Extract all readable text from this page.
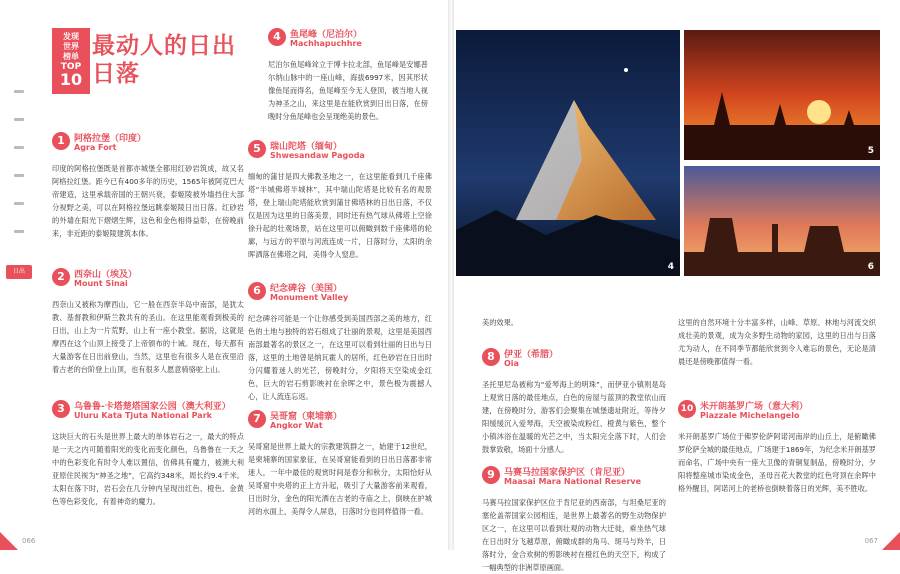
日出
发现
世界
榜单
TOP
10
最动人的日出日落
1	阿格拉堡（印度）
Agra Fort
印度的阿格拉堡既是首都亦城堡全都用红砂岩筑成，故又名阿格拉红堡。距今已有400多年的历史，1565年被阿克巴大帝建造，这里承载帝国的王朝兴衰，泰姬陵被外墙挡住大部分视野之美，可以在阿格拉堡远眺泰姬陵日出日落。红砂岩的外墙在阳光下熠熠生辉，这色和金色相得益彰，在傍晚前来，非近距的泰姬陵建筑本体。
2	西奈山（埃及）
Mount Sinai
西奈山又被称为摩西山，它一般在西奈半岛中南部，是犹太教、基督教和伊斯兰教共有的圣山。在这里能观看到极美的日出，山上为一片荒野，山上有一座小教堂。据说，这就是摩西在这个山顶上接受了上帝颁布的十诫。现在，每天都有大量游客在日出前登山，当然，这里也有很多人是在夜里沿着古老的台阶登上山顶，也有很多人愿意骑骆驼上山。
3	乌鲁鲁-卡塔楚塔国家公园（澳大利亚）
Uluru Kata Tjuta National Park
这块巨大的石头是世界上最大的单体岩石之一，最大的特点是一天之内可随着阳光的变化而变化颜色，乌鲁鲁在一天之中的色彩变化有时令人难以置信，仿佛具有魔力，被澳大利亚原住民视为“神圣之地”，它高约348米，周长约9.4千米。太阳在落下时，岩石会在几分钟内呈现出红色、橙色、金黄色等色彩变化，有着神奇的魔力。
4	鱼尾峰（尼泊尔）
Machhapuchhre
尼泊尔鱼尾峰耸立于博卡拉北部，鱼尾峰是安娜普尔纳山脉中的一座山峰，海拔6997米，因其形状像鱼尾而得名，鱼尾峰至今无人登顶，被当地人视为神圣之山，来这里是在能欣赏到日出日落，在傍晚时分鱼尾峰也会呈现绝美的景色。
5	瑞山陀塔（缅甸）
Shwesandaw Pagoda
缅甸的蒲甘是四大佛教圣地之一，在这里能看到几千座佛塔“半城佛塔半城林”，其中瑞山陀塔是比较有名的观景塔，登上瑞山陀塔能欣赏到蒲甘佛塔林的日出日落，不仅仅是因为这里的日落美景，同时还有热气球从佛塔上空徐徐升起的壮观场景，站在这里可以俯瞰到数千座佛塔的轮廓，与远方的平原与河流连成一片，日落时分，太阳的余晖洒落在佛塔之间，美得令人窒息。
6	纪念碑谷（美国）
Monument Valley
纪念碑谷可能是一个让你感受到美国西部之美的地方，红色的土地与独特的岩石组成了壮丽的景观，这里是美国西南部最著名的景区之一，在这里可以看到壮丽的日出与日落，这里的土地曾是纳瓦霍人的居所，红色砂岩在日出时分闪耀着迷人的光芒，傍晚时分，夕阳将天空染成金红色，巨大的岩石剪影映衬在余晖之中，景色极为震撼人心，让人流连忘返。
7	吴哥窟（柬埔寨）
Angkor Wat
吴哥窟是世界上最大的宗教建筑群之一，始建于12世纪，是柬埔寨的国家象征，在吴哥窟能看到的日出日落都非常迷人，一年中最佳的观赏时间是春分和秋分，太阳恰好从吴哥窟中央塔的正上方升起，吸引了大量游客前来观看，日出时分，金色的阳光洒在古老的寺庙之上，倒映在护城河的水面上，美得令人屏息，日落时分也同样值得一看。
4
5
6
美的效果。
8	伊亚（希腊）
Oia
圣托里尼岛被称为“爱琴海上的明珠”，而伊亚小镇则是岛上观赏日落的最佳地点，白色的房屋与蓝顶的教堂依山而建，在傍晚时分，游客们会聚集在城堡遗址附近，等待夕阳缓缓沉入爱琴海，天空被染成粉红、橙黄与紫色，整个小镇沐浴在温暖的光芒之中，当太阳完全落下时，人们会鼓掌致敬，场面十分感人。
9	马赛马拉国家保护区（肯尼亚）
Maasai Mara National Reserve
马赛马拉国家保护区位于肯尼亚的西南部，与坦桑尼亚的塞伦盖蒂国家公园相连，是世界上最著名的野生动物保护区之一，在这里可以看到壮观的动物大迁徙，乘坐热气球在日出时分飞越草原，俯瞰成群的角马、斑马与羚羊，日落时分，金合欢树的剪影映衬在橙红色的天空下，构成了一幅典型的非洲草原画面。
这里的自然环境十分丰富多样，山峰、草原、林地与河流交织成壮美的景观，成为众多野生动物的家园，这里的日出与日落尤为动人，在不同季节都能欣赏到令人难忘的景色，无论是清晨还是傍晚都值得一看。
10 米开朗基罗广场（意大利）
Piazzale Michelangelo
米开朗基罗广场位于佛罗伦萨阿诺河南岸的山丘上，是俯瞰佛罗伦萨全城的最佳地点，广场建于1869年，为纪念米开朗基罗而命名，广场中央有一座大卫像的青铜复制品，傍晚时分，夕阳将整座城市染成金色，圣母百花大教堂的红色穹顶在余晖中格外醒目，阿诺河上的老桥也倒映着落日的光辉，美不胜收。
066	067
